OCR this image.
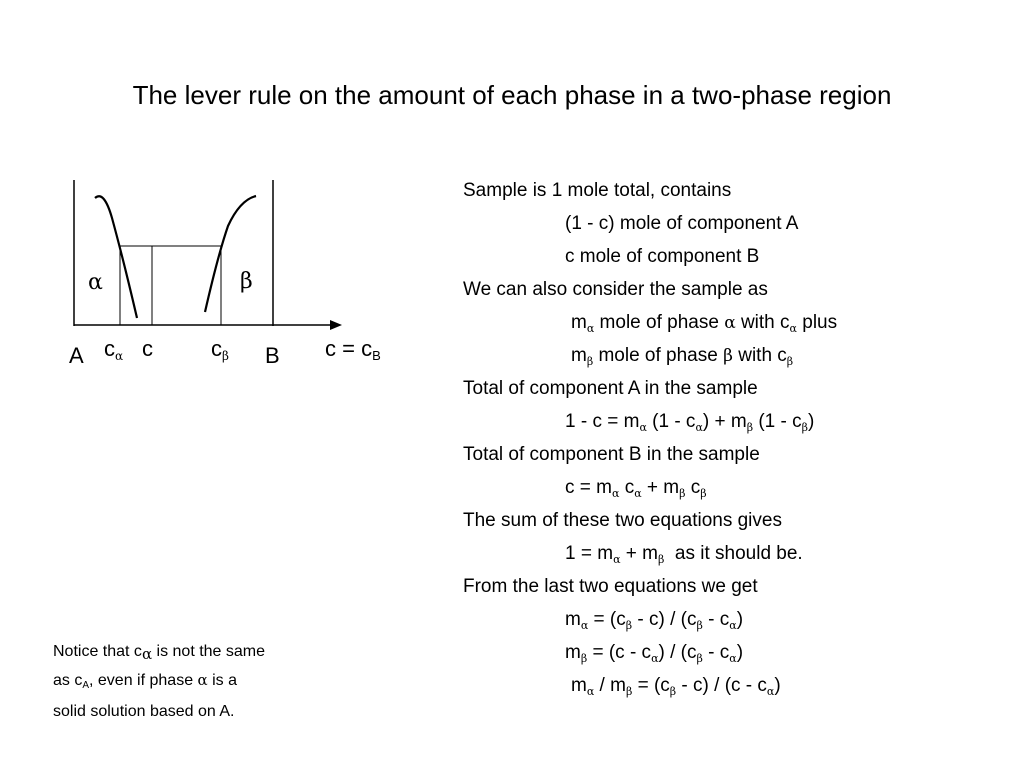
The lever rule on the amount of each phase in a two-phase region
α	β
A cα c	cβ B $c = c_B$
Sample is 1 mole total, contains
(1 - c) mole of component A
c mole of component B
We can also consider the sample as
$m_\alpha$ mole of phase α with $c_\alpha$ plus
$m_\beta$ mole of phase β with $c_\beta$
Total of component A in the sample
$1 - c = m_\alpha$ $(1 - c_\alpha) + m_\beta$ $(1 - c_\beta)$
Total of component B in the sample
$c = m_\alpha$ $c_\alpha + m_\beta$ $c_\beta$
The sum of these two equations gives
$1 = m_\alpha + m_\beta$  as it should be.
From the last two equations we get
$m_\alpha = (c_\beta - c) / (c_\beta - c_\alpha)$
$m_\beta = (c - c_\alpha) / (c_\beta - c_\alpha)$
$m_\alpha / m_\beta = (c_\beta - c) / (c - c_\alpha)$
Notice that cα is not the same
as cA, even if phase α is a
solid solution based on A.
